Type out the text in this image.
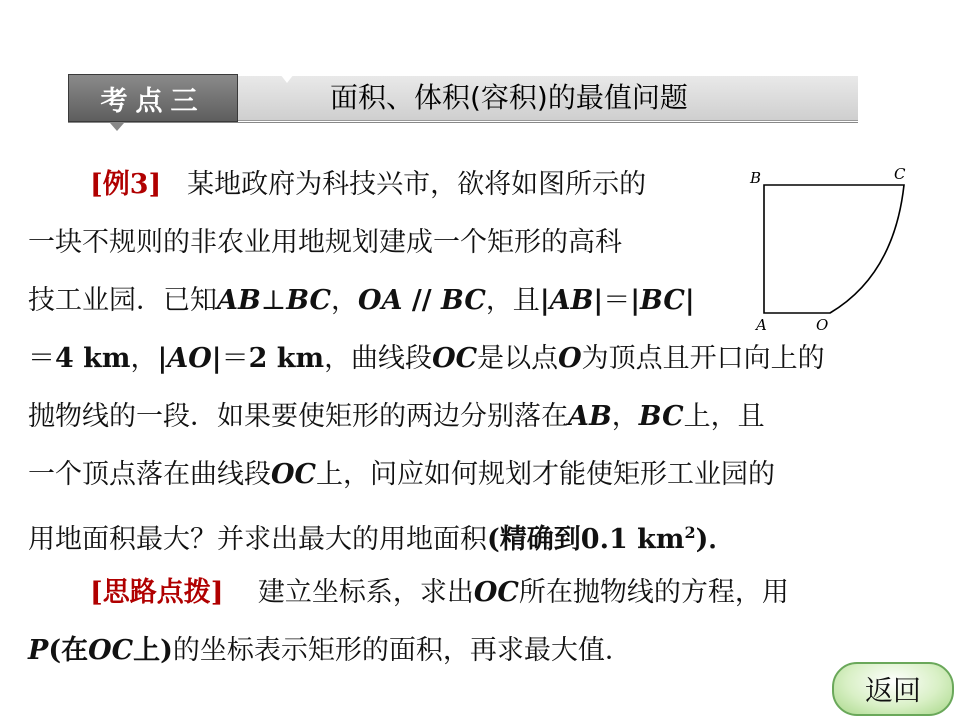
考点三	面积、体积(容积)的最值问题
[例3] 某地政府为科技兴市，欲将如图所示的
一块不规则的非农业用地规划建成一个矩形的高科
技工业园．已知AB⊥BC，OA // BC，且|AB|＝|BC|
＝4 km，|AO|＝2 km，曲线段OC是以点O为顶点且开口向上的
抛物线的一段．如果要使矩形的两边分别落在AB，BC上，且
一个顶点落在曲线段OC上，问应如何规划才能使矩形工业园的
用地面积最大？并求出最大的用地面积(精确到0.1 $km^2$)．
[思路点拨] 建立坐标系，求出OC所在抛物线的方程，用
P(在OC上)的坐标表示矩形的面积，再求最大值．
B	C
A	O
返回
